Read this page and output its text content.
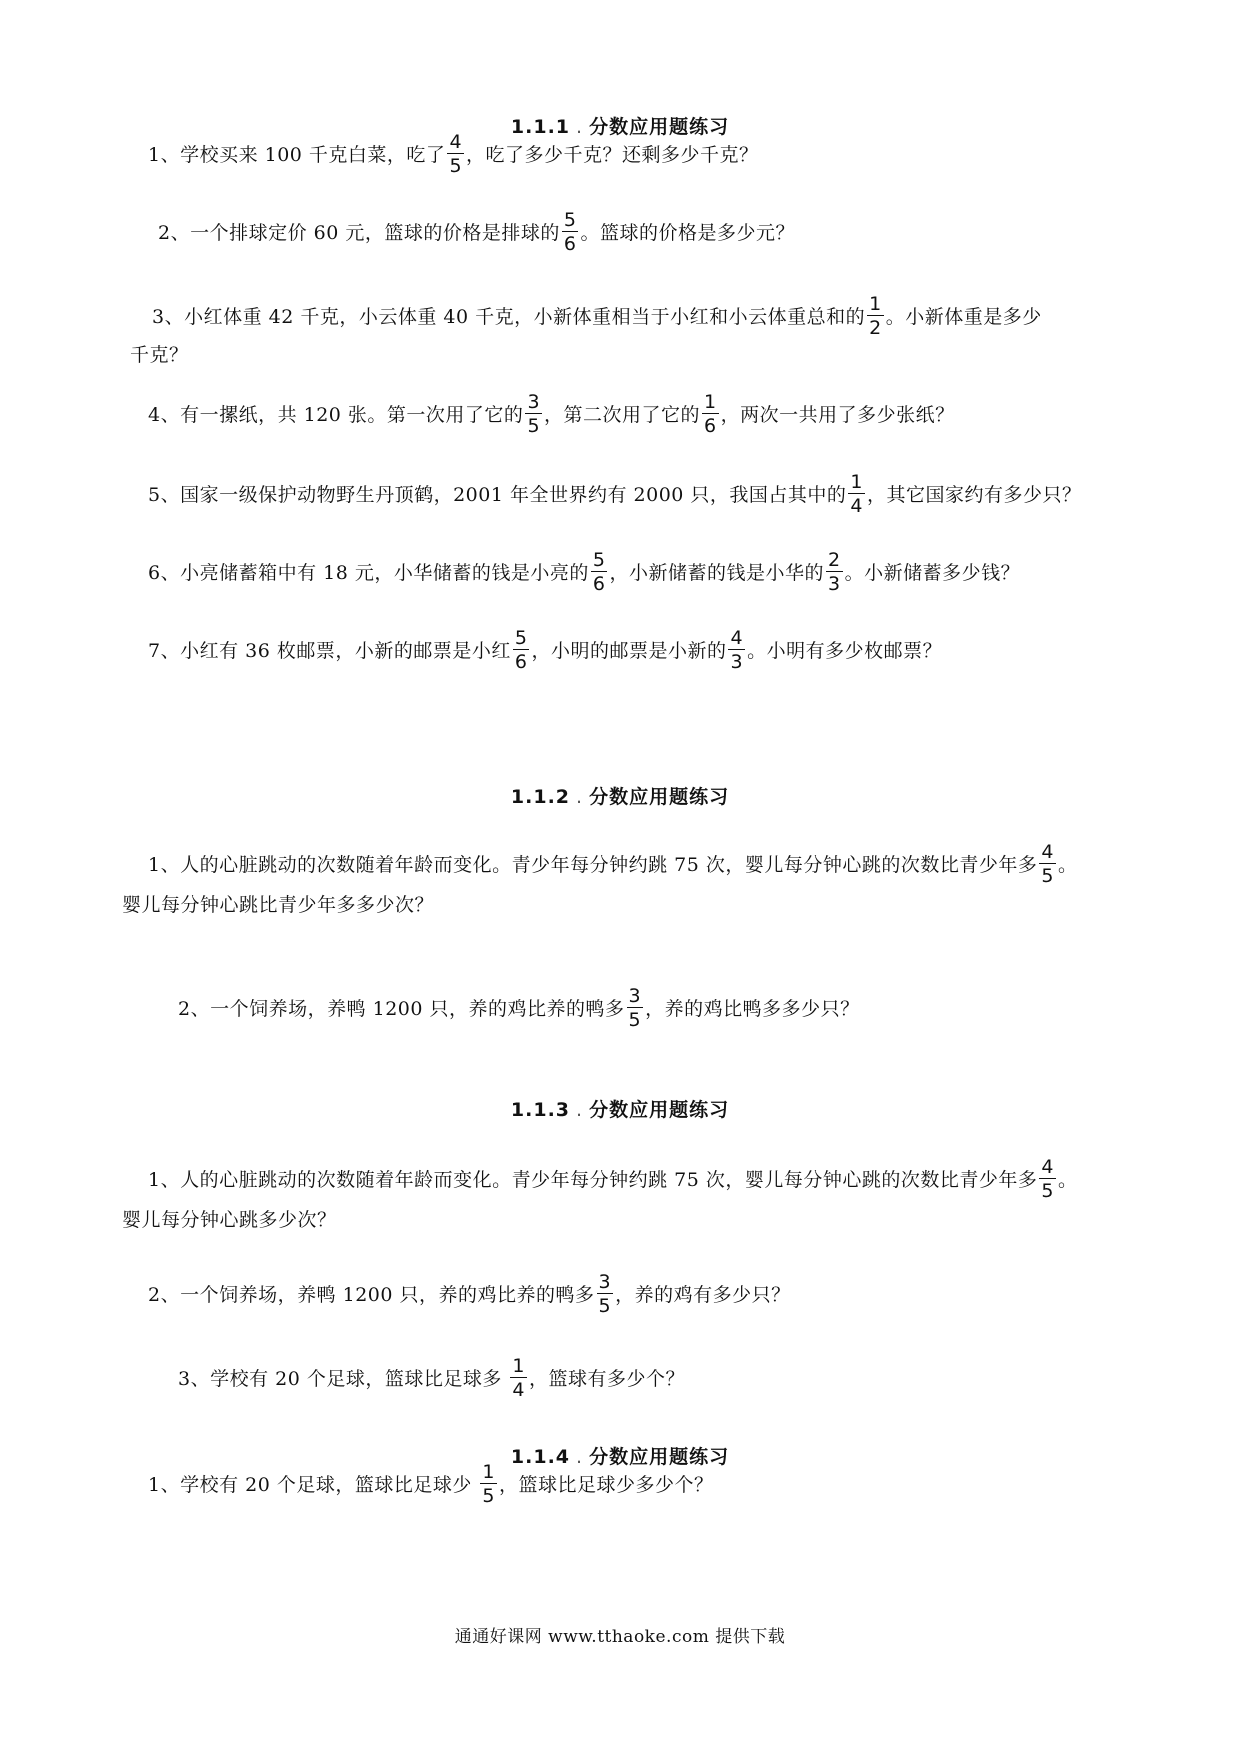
1.1.1 . 分数应用题练习
1、学校买来 100 千克白菜，吃了 $\frac{4}{5}$ ，吃了多少千克？还剩多少千克？
2、一个排球定价 60 元，篮球的价格是排球的 $\frac{5}{6}$ 。篮球的价格是多少元？
3、小红体重 42 千克，小云体重 40 千克，小新体重相当于小红和小云体重总和的 $\frac{1}{2}$ 。小新体重是多少
千克？
4、有一摞纸，共 120 张。第一次用了它的 $\frac{3}{5}$ ，第二次用了它的 $\frac{1}{6}$ ，两次一共用了多少张纸？
5、国家一级保护动物野生丹顶鹤，2001 年全世界约有 2000 只，我国占其中的 $\frac{1}{4}$ ，其它国家约有多少只？
6、小亮储蓄箱中有 18 元，小华储蓄的钱是小亮的 $\frac{5}{6}$ ，小新储蓄的钱是小华的 $\frac{2}{3}$ 。小新储蓄多少钱？
7、小红有 36 枚邮票，小新的邮票是小红 $\frac{5}{6}$ ，小明的邮票是小新的 $\frac{4}{3}$ 。小明有多少枚邮票？
1.1.2 . 分数应用题练习
1、人的心脏跳动的次数随着年龄而变化。青少年每分钟约跳 75 次，婴儿每分钟心跳的次数比青少年多 $\frac{4}{5}$ 。
婴儿每分钟心跳比青少年多多少次？
2、一个饲养场，养鸭 1200 只，养的鸡比养的鸭多 $\frac{3}{5}$ ，养的鸡比鸭多多少只？
1.1.3 . 分数应用题练习
1、人的心脏跳动的次数随着年龄而变化。青少年每分钟约跳 75 次，婴儿每分钟心跳的次数比青少年多 $\frac{4}{5}$ 。
婴儿每分钟心跳多少次？
2、一个饲养场，养鸭 1200 只，养的鸡比养的鸭多 $\frac{3}{5}$ ，养的鸡有多少只？
3、学校有 20 个足球，篮球比足球多 $\frac{1}{4}$ ，篮球有多少个？
1.1.4 . 分数应用题练习
1、学校有 20 个足球，篮球比足球少 $\frac{1}{5}$ ，篮球比足球少多少个？
通通好课网 www.tthaoke.com 提供下载
